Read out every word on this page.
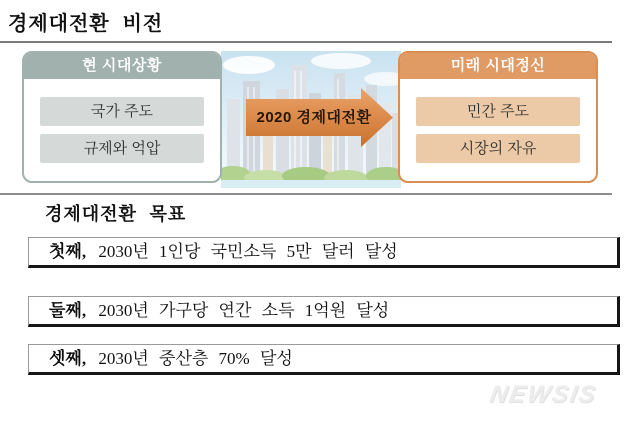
경제대전환 비전
현 시대상황
국가 주도
규제와 억압
2020 경제대전환
미래 시대정신
민간 주도
시장의 자유
경제대전환 목표
첫째, 2030년 1인당 국민소득 5만 달러 달성
둘째, 2030년 가구당 연간 소득 1억원 달성
셋째, 2030년 중산층 70% 달성
NEWSIS
